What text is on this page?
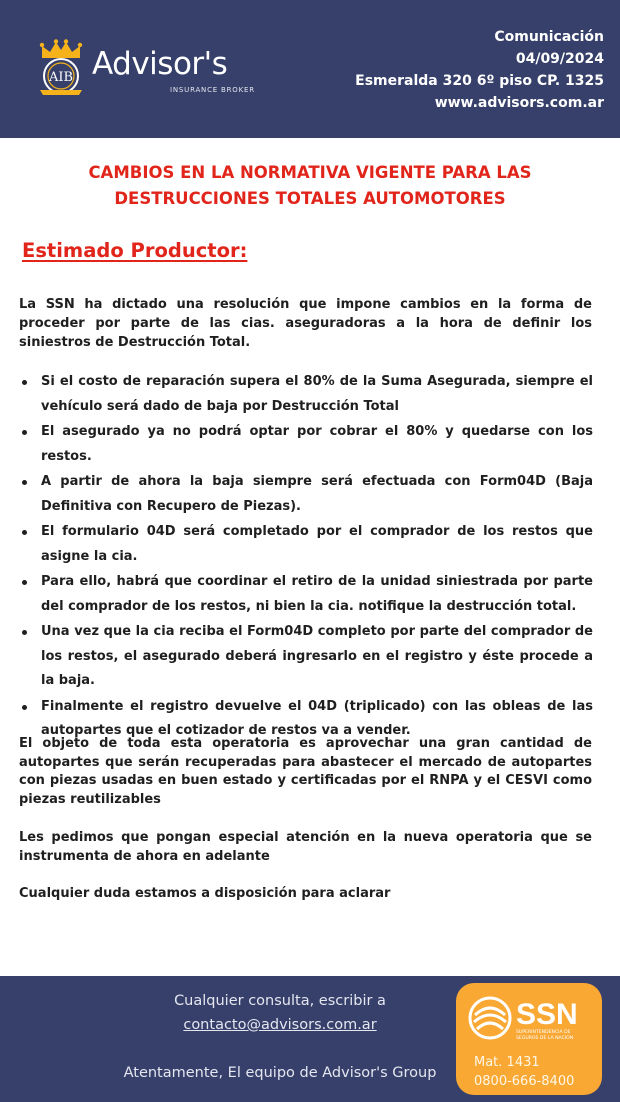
AIB Advisor's
INSURANCE BROKER
Comunicación
04/09/2024
Esmeralda 320 6º piso CP. 1325
www.advisors.com.ar
CAMBIOS EN LA NORMATIVA VIGENTE PARA LAS
DESTRUCCIONES TOTALES AUTOMOTORES
Estimado Productor:
La SSN ha dictado una resolución que impone cambios en la forma de proceder por parte de las cias. aseguradoras a la hora de definir los siniestros de Destrucción Total.
Si el costo de reparación supera el 80% de la Suma Asegurada, siempre el vehículo será dado de baja por Destrucción Total
El asegurado ya no podrá optar por cobrar el 80% y quedarse con los restos.
A partir de ahora la baja siempre será efectuada con Form04D (Baja Definitiva con Recupero de Piezas).
El formulario 04D será completado por el comprador de los restos que asigne la cia.
Para ello, habrá que coordinar el retiro de la unidad siniestrada por parte del comprador de los restos, ni bien la cia. notifique la destrucción total.
Una vez que la cia reciba el Form04D completo por parte del comprador de los restos, el asegurado deberá ingresarlo en el registro y éste procede a la baja.
Finalmente el registro devuelve el 04D (triplicado) con las obleas de las autopartes que el cotizador de restos va a vender.
El objeto de toda esta operatoria es aprovechar una gran cantidad de autopartes que serán recuperadas para abastecer el mercado de autopartes con piezas usadas en buen estado y certificadas por el RNPA y el CESVI como piezas reutilizables
Les pedimos que pongan especial atención en la nueva operatoria que se instrumenta de ahora en adelante
Cualquier duda estamos a disposición para aclarar
Cualquier consulta, escribir a
contacto@advisors.com.ar
Atentamente, El equipo de Advisor's Group
SSN
SUPERINTENDENCIA DE
SEGUROS DE LA NACIÓN
Mat. 1431
0800-666-8400
